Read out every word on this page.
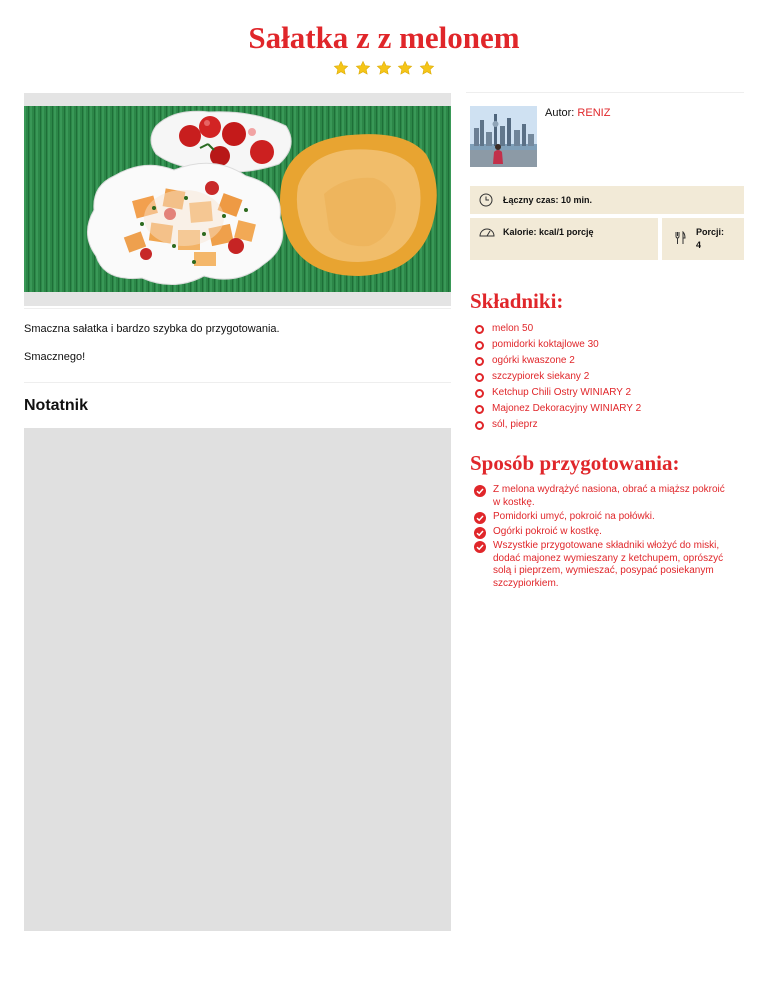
Sałatka z z melonem

Smaczna sałatka i bardzo szybka do przygotowania.
Smacznego!
Notatnik
Autor: RENIZ
Łączny czas: 10 min.
Kalorie: kcal/1 porcję	Porcji:
4
Składniki:
melon 50
pomidorki koktajlowe 30
ogórki kwaszone 2
szczypiorek siekany 2
Ketchup Chili Ostry WINIARY 2
Majonez Dekoracyjny WINIARY 2
sól, pieprz
Sposób przygotowania:
Z melona wydrążyć nasiona, obrać a miąższ pokroić
w kostkę.
Pomidorki umyć, pokroić na połówki.
Ogórki pokroić w kostkę.
Wszystkie przygotowane składniki włożyć do miski,
dodać majonez wymieszany z ketchupem, oprószyć
solą i pieprzem, wymieszać, posypać posiekanym
szczypiorkiem.
